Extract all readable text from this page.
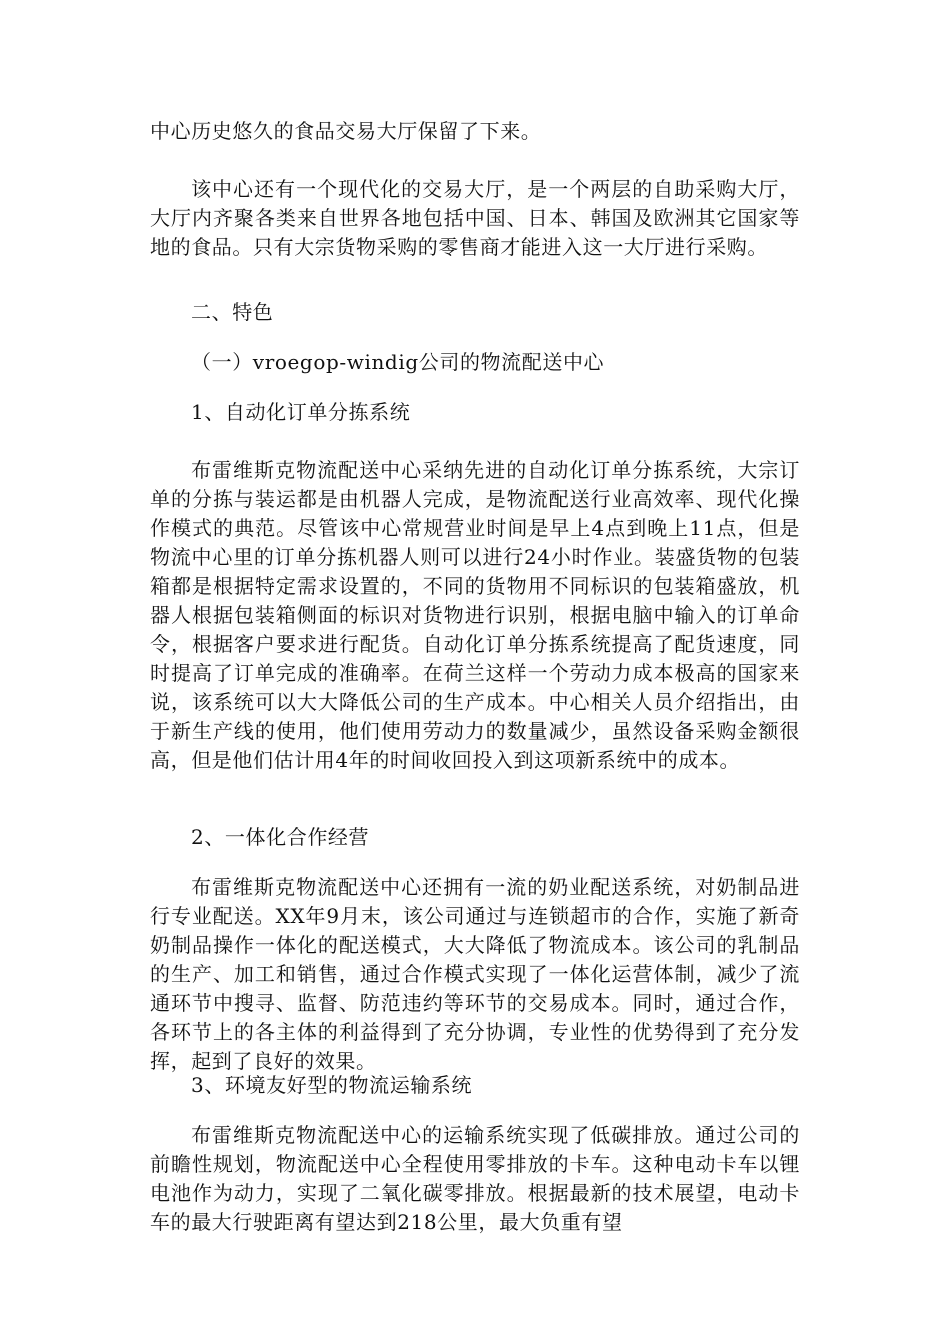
中心历史悠久的食品交易大厅保留了下来。

该中心还有一个现代化的交易大厅，是一个两层的自助采购大厅，大厅内齐聚各类来自世界各地包括中国、日本、韩国及欧洲其它国家等地的食品。只有大宗货物采购的零售商才能进入这一大厅进行采购。

二、特色

（一）vroegop-windig公司的物流配送中心

1、自动化订单分拣系统

布雷维斯克物流配送中心采纳先进的自动化订单分拣系统，大宗订单的分拣与装运都是由机器人完成，是物流配送行业高效率、现代化操作模式的典范。尽管该中心常规营业时间是早上4点到晚上11点，但是物流中心里的订单分拣机器人则可以进行24小时作业。装盛货物的包装箱都是根据特定需求设置的，不同的货物用不同标识的包装箱盛放，机器人根据包装箱侧面的标识对货物进行识别，根据电脑中输入的订单命令，根据客户要求进行配货。自动化订单分拣系统提高了配货速度，同时提高了订单完成的准确率。在荷兰这样一个劳动力成本极高的国家来说，该系统可以大大降低公司的生产成本。中心相关人员介绍指出，由于新生产线的使用，他们使用劳动力的数量减少，虽然设备采购金额很高，但是他们估计用4年的时间收回投入到这项新系统中的成本。

2、一体化合作经营

布雷维斯克物流配送中心还拥有一流的奶业配送系统，对奶制品进行专业配送。XX年9月末，该公司通过与连锁超市的合作，实施了新奇奶制品操作一体化的配送模式，大大降低了物流成本。该公司的乳制品的生产、加工和销售，通过合作模式实现了一体化运营体制，减少了流通环节中搜寻、监督、防范违约等环节的交易成本。同时，通过合作，各环节上的各主体的利益得到了充分协调，专业性的优势得到了充分发挥，起到了良好的效果。

3、环境友好型的物流运输系统

布雷维斯克物流配送中心的运输系统实现了低碳排放。通过公司的前瞻性规划，物流配送中心全程使用零排放的卡车。这种电动卡车以锂电池作为动力，实现了二氧化碳零排放。根据最新的技术展望，电动卡车的最大行驶距离有望达到218公里，最大负重有望
